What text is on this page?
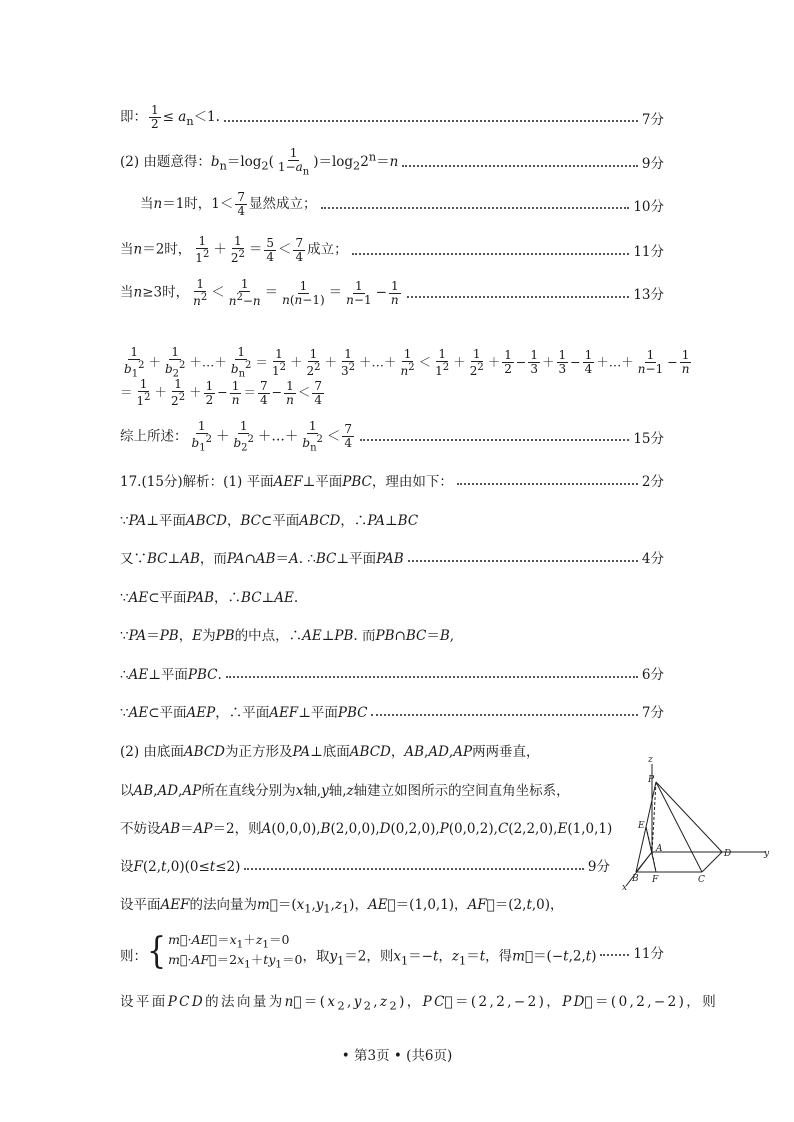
即： $\frac{1}{2} \le a_n<1$.	7分
(2) 由题意得：$b_n=\log_2( \frac{1}{1-a_n} )=\log_22^n=n$	9分
当n＝1时，$1< \frac{7}{4}$ 显然成立；	10分
当n＝2时， $\frac{1}{1^2} + \frac{1}{2^2} = \frac{5}{4} < \frac{7}{4}$ 成立；	11分
当n≥3时， $\frac{1}{n^2} < \frac{1}{n^2-n} = \frac{1}{n(n-1)} = \frac{1}{n-1} - \frac{1}{n}$	13分
$\frac{1}{b_1^2} + \frac{1}{b_2^2}$ ＋…＋ $\frac{1}{b_n^2} = \frac{1}{1^2} + \frac{1}{2^2} + \frac{1}{3^2}$ ＋…＋ $\frac{1}{n^2} < \frac{1}{1^2} + \frac{1}{2^2} + \frac{1}{2} - \frac{1}{3} + \frac{1}{3} - \frac{1}{4}$ ＋…＋ $\frac{1}{n-1} - \frac{1}{n}$
＝ $\frac{1}{1^2} + \frac{1}{2^2} + \frac{1}{2} - \frac{1}{n} = \frac{7}{4} - \frac{1}{n} < \frac{7}{4}$
综上所述： $\frac{1}{b_1^2} + \frac{1}{b_2^2}$ ＋…＋ $\frac{1}{b_n^2} < \frac{7}{4}$	15分
17.(15分)解析：(1) 平面AEF⊥平面PBC，理由如下：	2分
∵PA⊥平面ABCD，BC⊂平面ABCD，∴PA⊥BC
又∵BC⊥AB，而PA∩AB＝A. ∴BC⊥平面PAB	4分
∵AE⊂平面PAB，∴BC⊥AE.
∵PA＝PB，E为PB的中点，∴AE⊥PB. 而PB∩BC＝B,
∴AE⊥平面PBC.	6分
∵AE⊂平面AEP，∴平面AEF⊥平面PBC	7分
(2) 由底面ABCD为正方形及PA⊥底面ABCD，AB,AD,AP两两垂直，
以AB,AD,AP所在直线分别为x轴,y轴,z轴建立如图所示的空间直角坐标系，
不妨设AB＝AP＝2，则A(0,0,0),B(2,0,0),D(0,2,0),P(0,0,2),C(2,2,0),E(1,0,1)
设F(2,t,0)(0≤t≤2)	9分
设平面AEF的法向量为$m⃗=(x_1,y_1,z_1)$，AE⃗＝(1,0,1)，AF⃗＝(2,t,0)，
则： { $m⃗\cdot AE⃗=x_1+z_1=0$
$m⃗\cdot AF⃗=2x_1+ty_1=0$ ，取$y_1=2$，则$x_1=-t$，$z_1=t$，得m⃗＝(−t,2,t)	11分
设平面PCD的法向量为$n⃗=(x_2,y_2,z_2)$，PC⃗＝(2,2,−2)，PD⃗＝(0,2,−2)，则
z
P
E
A	D	y
B F	C
x
• 第3页 • (共6页)
